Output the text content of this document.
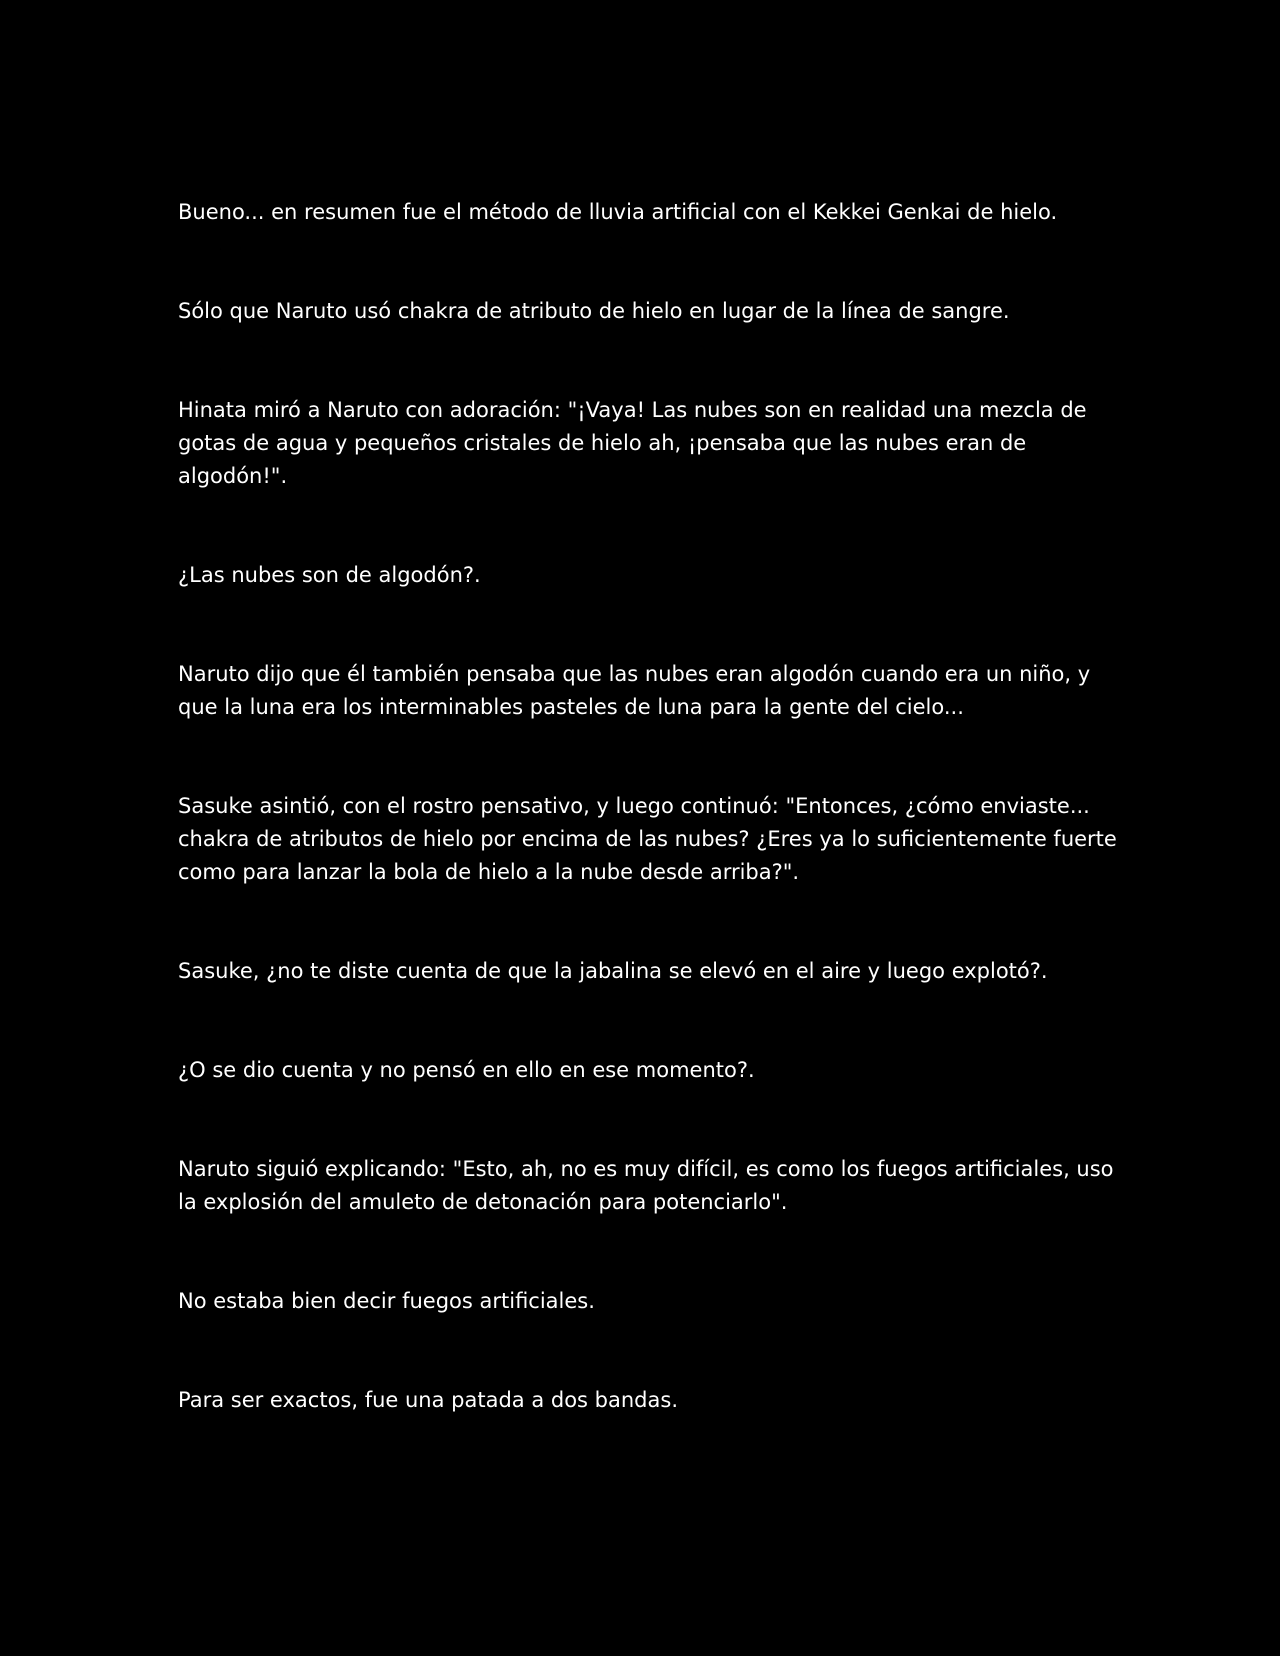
Bueno... en resumen fue el método de lluvia artificial con el Kekkei Genkai de hielo.

Sólo que Naruto usó chakra de atributo de hielo en lugar de la línea de sangre.

Hinata miró a Naruto con adoración: "¡Vaya! Las nubes son en realidad una mezcla de gotas de agua y pequeños cristales de hielo ah, ¡pensaba que las nubes eran de algodón!".

¿Las nubes son de algodón?.

Naruto dijo que él también pensaba que las nubes eran algodón cuando era un niño, y que la luna era los interminables pasteles de luna para la gente del cielo...

Sasuke asintió, con el rostro pensativo, y luego continuó: "Entonces, ¿cómo enviaste... chakra de atributos de hielo por encima de las nubes? ¿Eres ya lo suficientemente fuerte como para lanzar la bola de hielo a la nube desde arriba?".

Sasuke, ¿no te diste cuenta de que la jabalina se elevó en el aire y luego explotó?.

¿O se dio cuenta y no pensó en ello en ese momento?.

Naruto siguió explicando: "Esto, ah, no es muy difícil, es como los fuegos artificiales, uso la explosión del amuleto de detonación para potenciarlo".

No estaba bien decir fuegos artificiales.

Para ser exactos, fue una patada a dos bandas.
